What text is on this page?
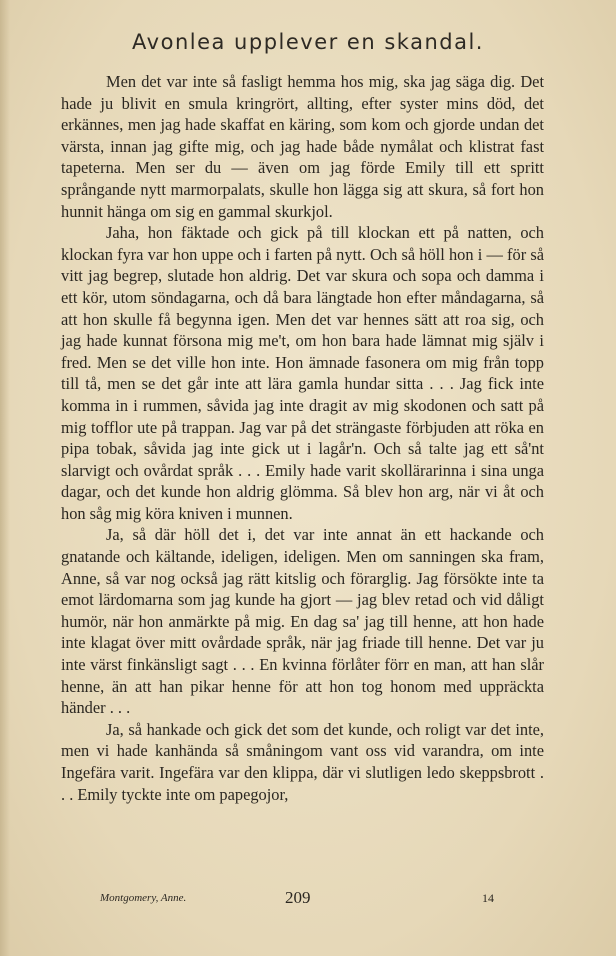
Avonlea upplever en skandal.

Men det var inte så fasligt hemma hos mig, ska jag säga dig. Det hade ju blivit en smula kringrört, allting, efter syster mins död, det erkännes, men jag hade skaffat en käring, som kom och gjorde undan det värsta, innan jag gifte mig, och jag hade både nymålat och klistrat fast tapeterna. Men ser du — även om jag förde Emily till ett spritt språngande nytt marmorpalats, skulle hon lägga sig att skura, så fort hon hunnit hänga om sig en gammal skurkjol.

Jaha, hon fäktade och gick på till klockan ett på natten, och klockan fyra var hon uppe och i farten på nytt. Och så höll hon i — för så vitt jag begrep, slutade hon aldrig. Det var skura och sopa och damma i ett kör, utom söndagarna, och då bara längtade hon efter måndagarna, så att hon skulle få begynna igen. Men det var hennes sätt att roa sig, och jag hade kunnat försona mig me't, om hon bara hade lämnat mig själv i fred. Men se det ville hon inte. Hon ämnade fasonera om mig från topp till tå, men se det går inte att lära gamla hundar sitta . . . Jag fick inte komma in i rummen, såvida jag inte dragit av mig skodonen och satt på mig tofflor ute på trappan. Jag var på det strängaste förbjuden att röka en pipa tobak, såvida jag inte gick ut i lagår'n. Och så talte jag ett så'nt slarvigt och ovårdat språk . . . Emily hade varit skollärarinna i sina unga dagar, och det kunde hon aldrig glömma. Så blev hon arg, när vi åt och hon såg mig köra kniven i munnen.

Ja, så där höll det i, det var inte annat än ett hackande och gnatande och kältande, ideligen, ideligen. Men om sanningen ska fram, Anne, så var nog också jag rätt kitslig och förarglig. Jag försökte inte ta emot lärdomarna som jag kunde ha gjort — jag blev retad och vid dåligt humör, när hon anmärkte på mig. En dag sa' jag till henne, att hon hade inte klagat över mitt ovårdade språk, när jag friade till henne. Det var ju inte värst finkänsligt sagt . . . En kvinna förlåter förr en man, att han slår henne, än att han pikar henne för att hon tog honom med uppräckta händer . . .

Ja, så hankade och gick det som det kunde, och roligt var det inte, men vi hade kanhända så småningom vant oss vid varandra, om inte Ingefära varit. Ingefära var den klippa, där vi slutligen ledo skeppsbrott . . . Emily tyckte inte om papegojor,

Montgomery, Anne.	209	14
